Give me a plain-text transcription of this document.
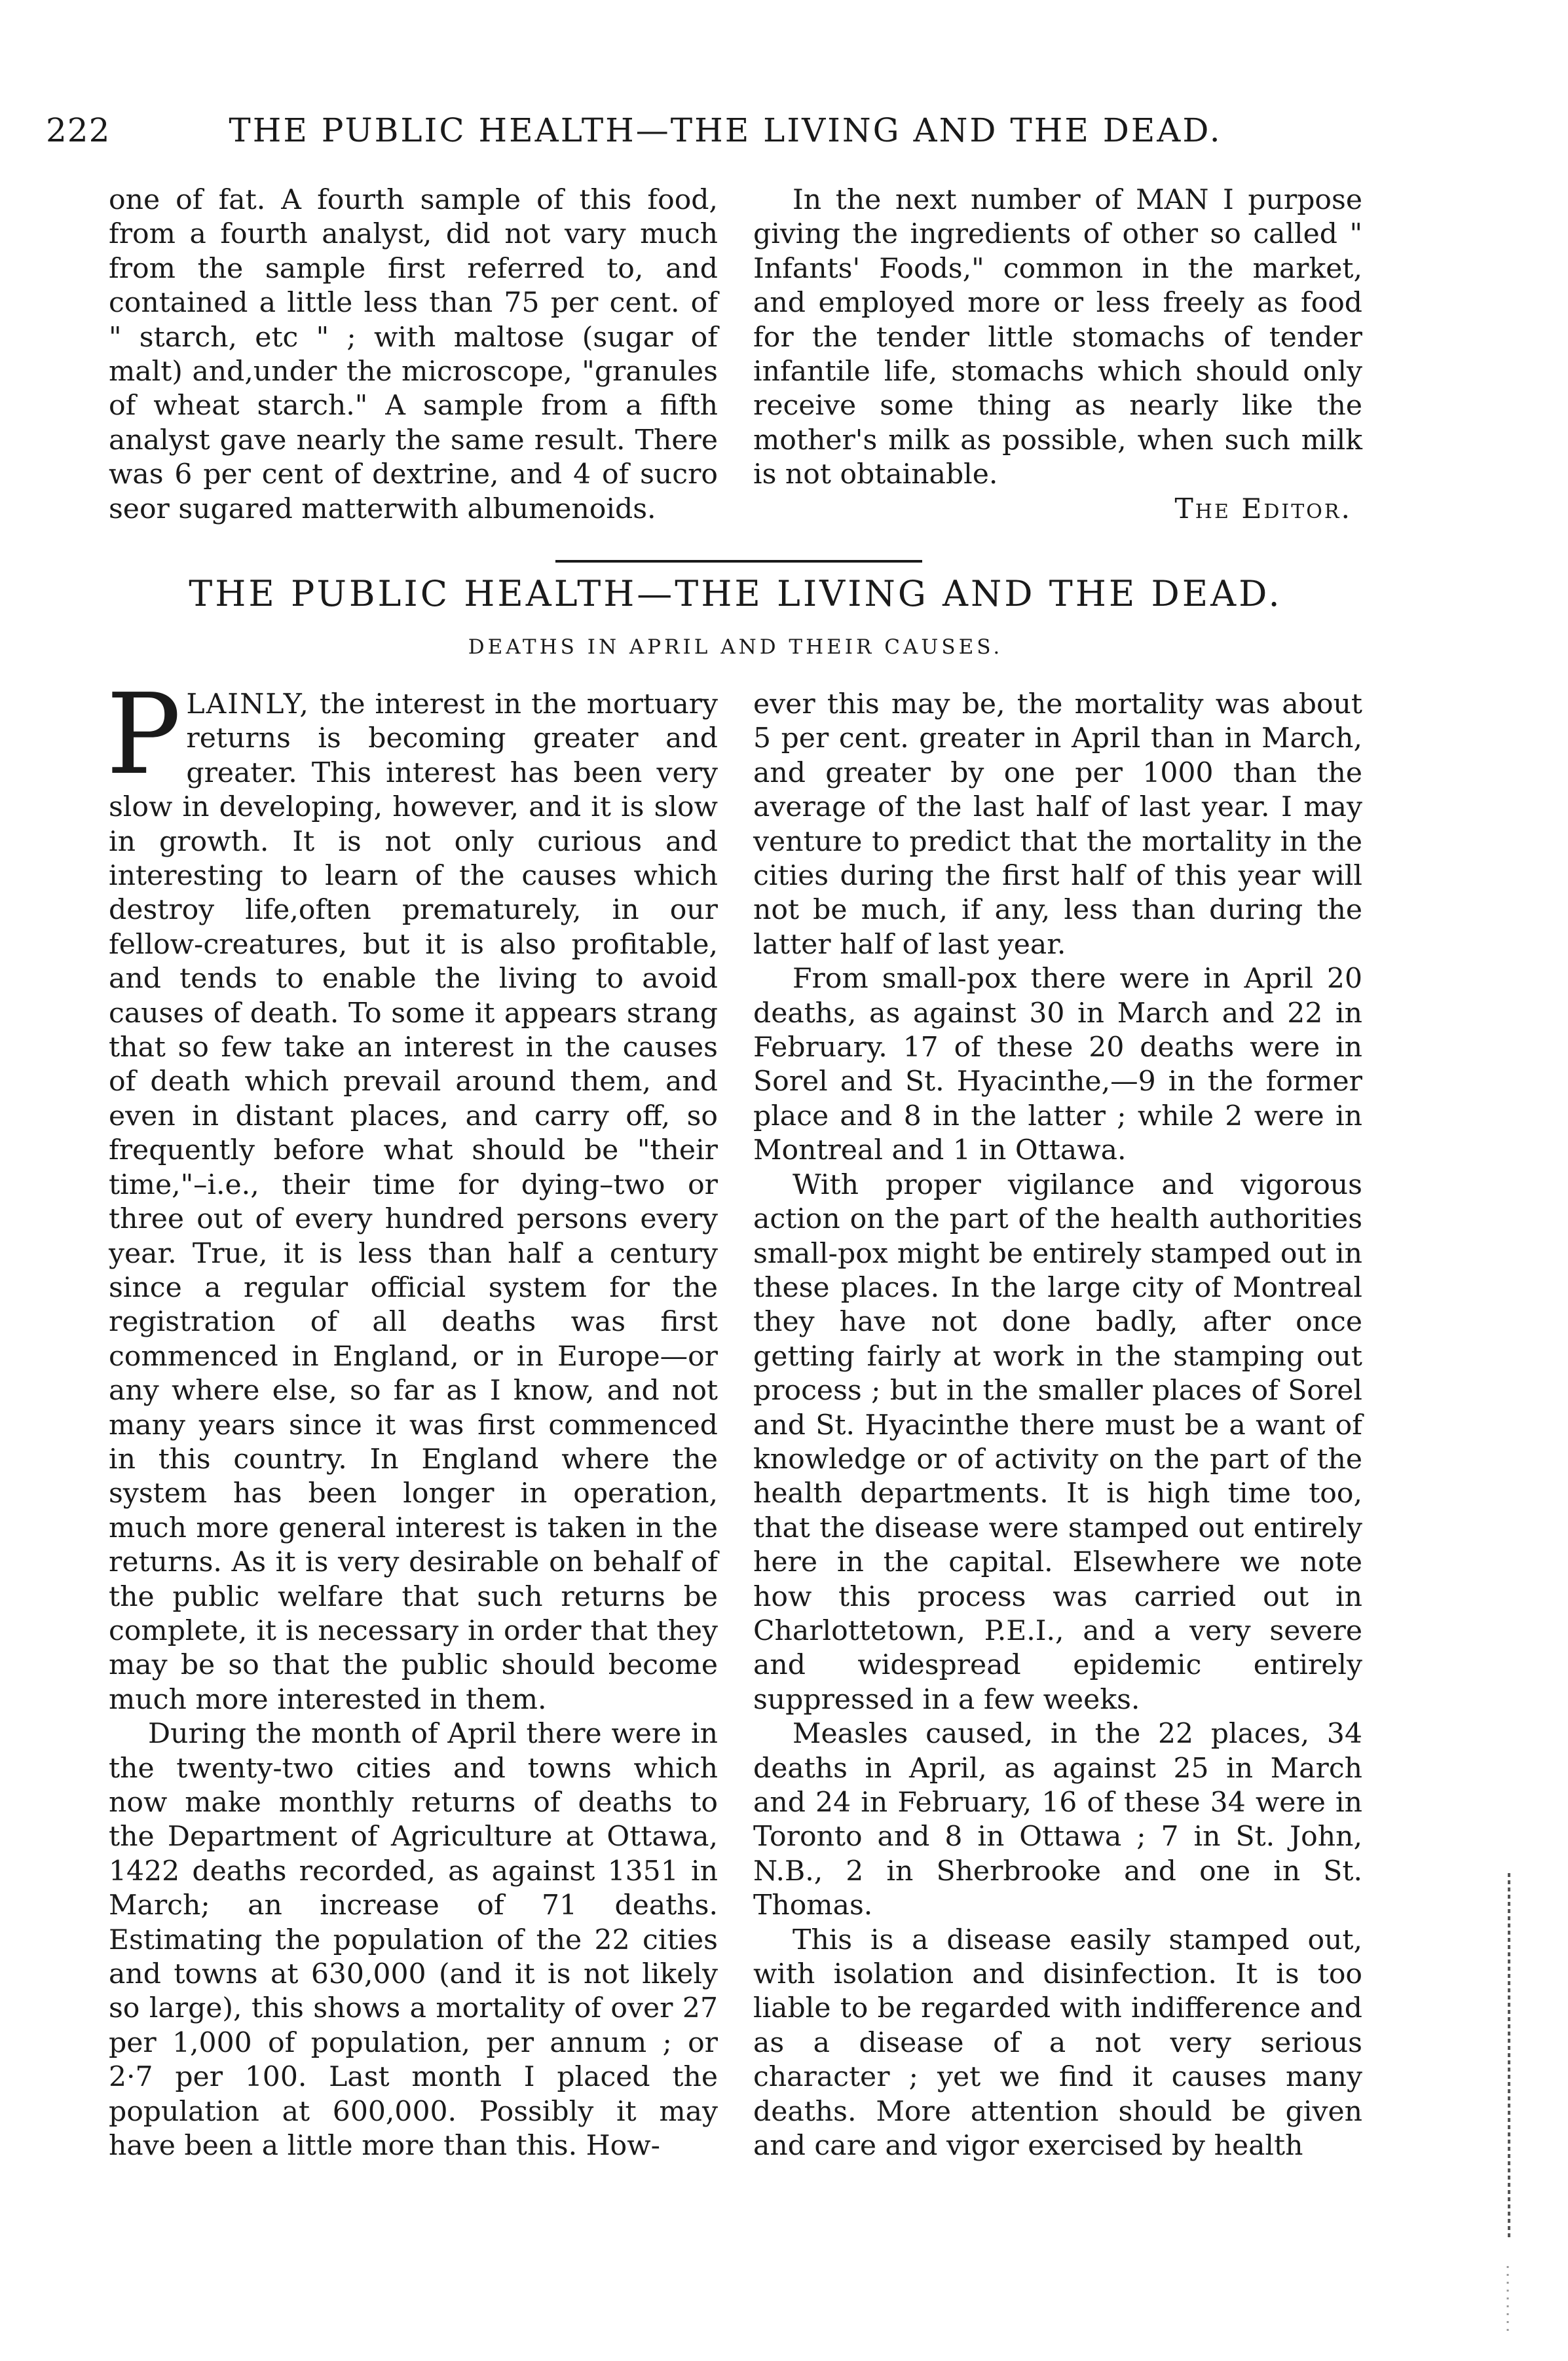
222	THE PUBLIC HEALTH—THE LIVING AND THE DEAD.

one of fat. A fourth sample of this food, from a fourth analyst, did not vary much from the sample first referred to, and contained a little less than 75 per cent. of " starch, etc " ; with maltose (sugar of malt) and,under the microscope, "granules of wheat starch." A sample from a fifth analyst gave nearly the same result. There was 6 per cent of dextrine, and 4 of sucro seor sugared matterwith albumenoids.

In the next number of MAN I purpose giving the ingredients of other so called " Infants' Foods," common in the market, and employed more or less freely as food for the tender little stomachs of tender infantile life, stomachs which should only receive some thing as nearly like the mother's milk as possible, when such milk is not obtainable.

The Editor.

THE PUBLIC HEALTH—THE LIVING AND THE DEAD.
DEATHS IN APRIL AND THEIR CAUSES.

PLAINLY, the interest in the mortuary returns is becoming greater and greater. This interest has been very slow in developing, however, and it is slow in growth. It is not only curious and interesting to learn of the causes which destroy life,often prematurely, in our fellow-creatures, but it is also profitable, and tends to enable the living to avoid causes of death. To some it appears strang that so few take an interest in the causes of death which prevail around them, and even in distant places, and carry off, so frequently before what should be "their time,"–i.e., their time for dying–two or three out of every hundred persons every year. True, it is less than half a century since a regular official system for the registration of all deaths was first commenced in England, or in Europe—or any where else, so far as I know, and not many years since it was first commenced in this country. In England where the system has been longer in operation, much more general interest is taken in the returns. As it is very desirable on behalf of the public welfare that such returns be complete, it is necessary in order that they may be so that the public should become much more interested in them.

During the month of April there were in the twenty-two cities and towns which now make monthly returns of deaths to the Department of Agriculture at Ottawa, 1422 deaths recorded, as against 1351 in March; an increase of 71 deaths. Estimating the population of the 22 cities and towns at 630,000 (and it is not likely so large), this shows a mortality of over 27 per 1,000 of population, per annum ; or 2·7 per 100. Last month I placed the population at 600,000. Possibly it may have been a little more than this. How-

ever this may be, the mortality was about 5 per cent. greater in April than in March, and greater by one per 1000 than the average of the last half of last year. I may venture to predict that the mortality in the cities during the first half of this year will not be much, if any, less than during the latter half of last year.

From small-pox there were in April 20 deaths, as against 30 in March and 22 in February. 17 of these 20 deaths were in Sorel and St. Hyacinthe,—9 in the former place and 8 in the latter ; while 2 were in Montreal and 1 in Ottawa.

With proper vigilance and vigorous action on the part of the health authorities small-pox might be entirely stamped out in these places. In the large city of Montreal they have not done badly, after once getting fairly at work in the stamping out process ; but in the smaller places of Sorel and St. Hyacinthe there must be a want of knowledge or of activity on the part of the health departments. It is high time too, that the disease were stamped out entirely here in the capital. Elsewhere we note how this process was carried out in Charlottetown, P.E.I., and a very severe and widespread epidemic entirely suppressed in a few weeks.

Measles caused, in the 22 places, 34 deaths in April, as against 25 in March and 24 in February, 16 of these 34 were in Toronto and 8 in Ottawa ; 7 in St. John, N.B., 2 in Sherbrooke and one in St. Thomas.

This is a disease easily stamped out, with isolation and disinfection. It is too liable to be regarded with indifference and as a disease of a not very serious character ; yet we find it causes many deaths. More attention should be given and care and vigor exercised by health
